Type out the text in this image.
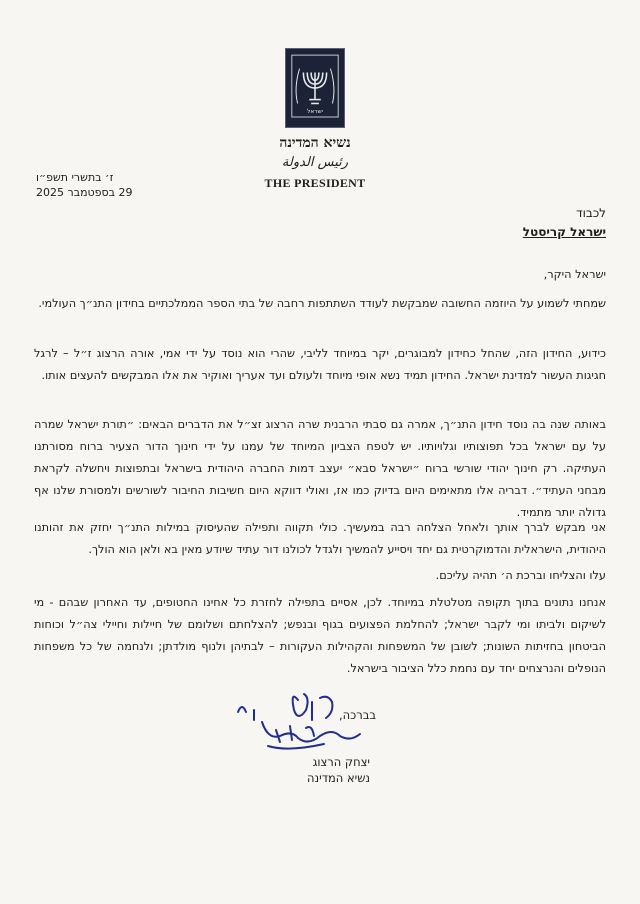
ישראל
נשיא המדינה
رئيس الدولة
THE PRESIDENT
ז׳ בתשרי תשפ״ו
29 בספטמבר 2025
לכבוד
ישראל קריסטל
ישראל היקר,
שמחתי לשמוע על היוזמה החשובה שמבקשת לעודד השתתפות רחבה של בתי הספר הממלכתיים בחידון התנ״ך העולמי.
כידוע, החידון הזה, שהחל כחידון למבוגרים, יקר במיוחד לליבי, שהרי הוא נוסד על ידי אמי, אורה הרצוג ז״ל – לרגל חגיגות העשור למדינת ישראל. החידון תמיד נשא אופי מיוחד ולעולם ועד אעריך ואוקיר את אלו המבקשים להעצים אותו.
באותה שנה בה נוסד חידון התנ״ך, אמרה גם סבתי הרבנית שרה הרצוג זצ״ל את הדברים הבאים: ״תורת ישראל שמרה על עם ישראל בכל תפוצותיו וגלויותיו. יש לטפח הצביון המיוחד של עמנו על ידי חינוך הדור הצעיר ברוח מסורתנו העתיקה. רק חינוך יהודי שורשי ברוח ״ישראל סבא״ יעצב דמות החברה היהודית בישראל ובתפוצות ויחשלה לקראת מבחני העתיד״. דבריה אלו מתאימים היום בדיוק כמו אז, ואולי דווקא היום חשיבות החיבור לשורשים ולמסורת שלנו אף גדולה יותר מתמיד.
אני מבקש לברך אותך ולאחל הצלחה רבה במעשיך. כולי תקווה ותפילה שהעיסוק במילות התנ״ך יחזק את זהותנו היהודית, הישראלית והדמוקרטית גם יחד ויסייע להמשיך ולגדל לכולנו דור עתיד שיודע מאין בא ולאן הוא הולך.
עלו והצליחו וברכת ה׳ תהיה עליכם.
אנחנו נתונים בתוך תקופה מטלטלת במיוחד. לכן, אסיים בתפילה לחזרת כל אחינו החטופים, עד האחרון שבהם - מי לשיקום ולביתו ומי לקבר ישראל; להחלמת הפצועים בגוף ובנפש; להצלחתם ושלומם של חיילות וחיילי צה״ל וכוחות הביטחון בחזיתות השונות; לשובן של המשפחות והקהילות העקורות – לבתיהן ולנוף מולדתן; ולנחמה של כל משפחות הנופלים והנרצחים יחד עם נחמת כלל הציבור בישראל.
בברכה,
יצחק הרצוג
נשיא המדינה
